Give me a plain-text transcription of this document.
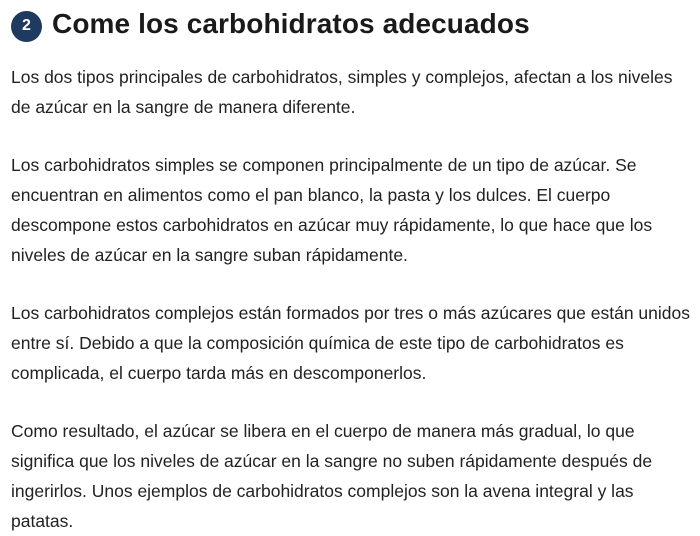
2 Come los carbohidratos adecuados

Los dos tipos principales de carbohidratos, simples y complejos, afectan a los niveles de azúcar en la sangre de manera diferente.

Los carbohidratos simples se componen principalmente de un tipo de azúcar. Se encuentran en alimentos como el pan blanco, la pasta y los dulces. El cuerpo descompone estos carbohidratos en azúcar muy rápidamente, lo que hace que los niveles de azúcar en la sangre suban rápidamente.

Los carbohidratos complejos están formados por tres o más azúcares que están unidos entre sí. Debido a que la composición química de este tipo de carbohidratos es complicada, el cuerpo tarda más en descomponerlos.

Como resultado, el azúcar se libera en el cuerpo de manera más gradual, lo que significa que los niveles de azúcar en la sangre no suben rápidamente después de ingerirlos. Unos ejemplos de carbohidratos complejos son la avena integral y las patatas.
